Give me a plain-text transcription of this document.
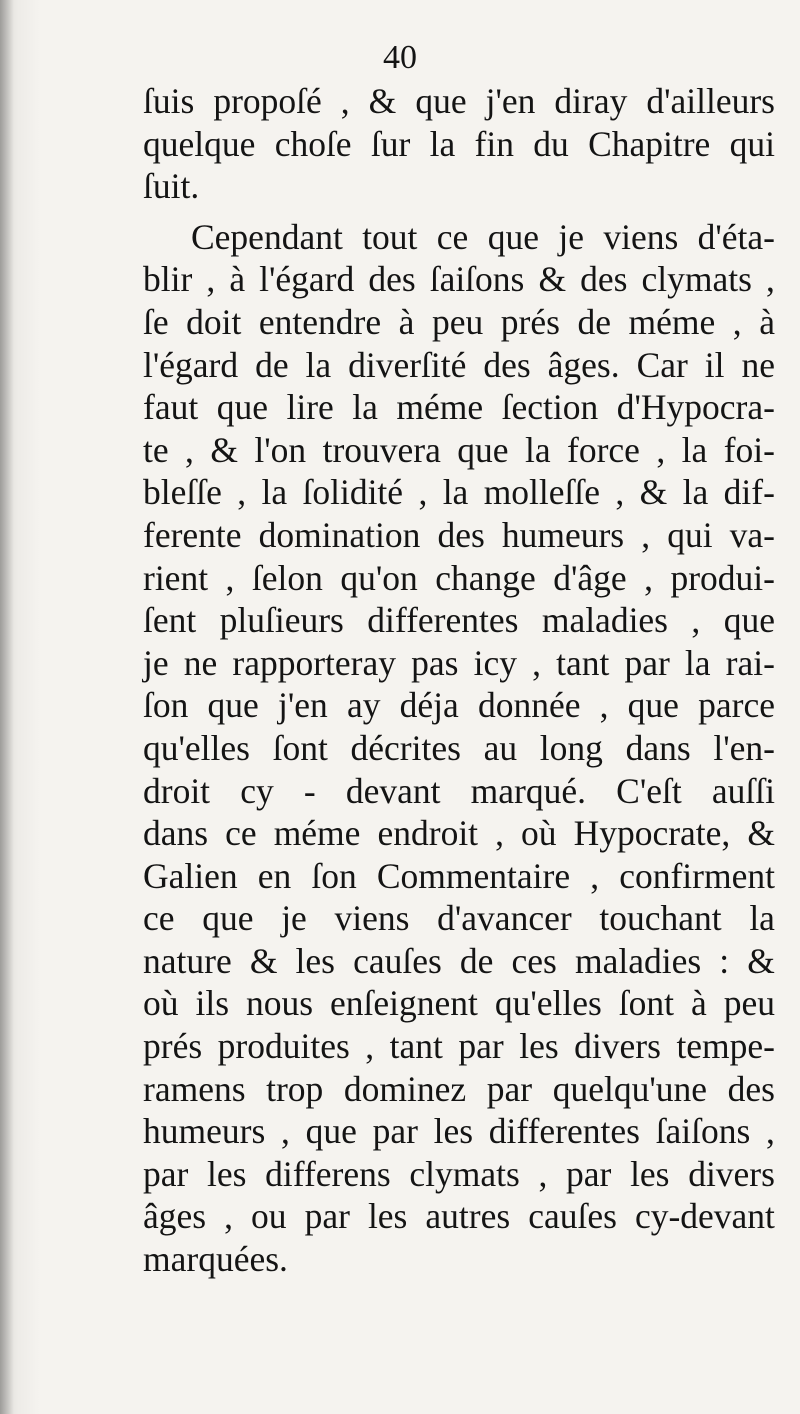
40
ſuis propoſé , & que j'en diray d'ailleurs
quelque choſe ſur la fin du Chapitre qui
ſuit.
Cependant tout ce que je viens d'éta-
blir , à l'égard des ſaiſons & des clymats ,
ſe doit entendre à peu prés de méme , à
l'égard de la diverſité des âges. Car il ne
faut que lire la méme ſection d'Hypocra-
te , & l'on trouvera que la force , la foi-
bleſſe , la ſolidité , la molleſſe , & la dif-
ferente domination des humeurs , qui va-
rient , ſelon qu'on change d'âge , produi-
ſent pluſieurs differentes maladies , que
je ne rapporteray pas icy , tant par la rai-
ſon que j'en ay déja donnée , que parce
qu'elles ſont décrites au long dans l'en-
droit cy - devant marqué. C'eſt auſſi
dans ce méme endroit , où Hypocrate, &
Galien en ſon Commentaire , confirment
ce que je viens d'avancer touchant la
nature & les cauſes de ces maladies : &
où ils nous enſeignent qu'elles ſont à peu
prés produites , tant par les divers tempe-
ramens trop dominez par quelqu'une des
humeurs , que par les differentes ſaiſons ,
par les differens clymats , par les divers
âges , ou par les autres cauſes cy-devant
marquées.
